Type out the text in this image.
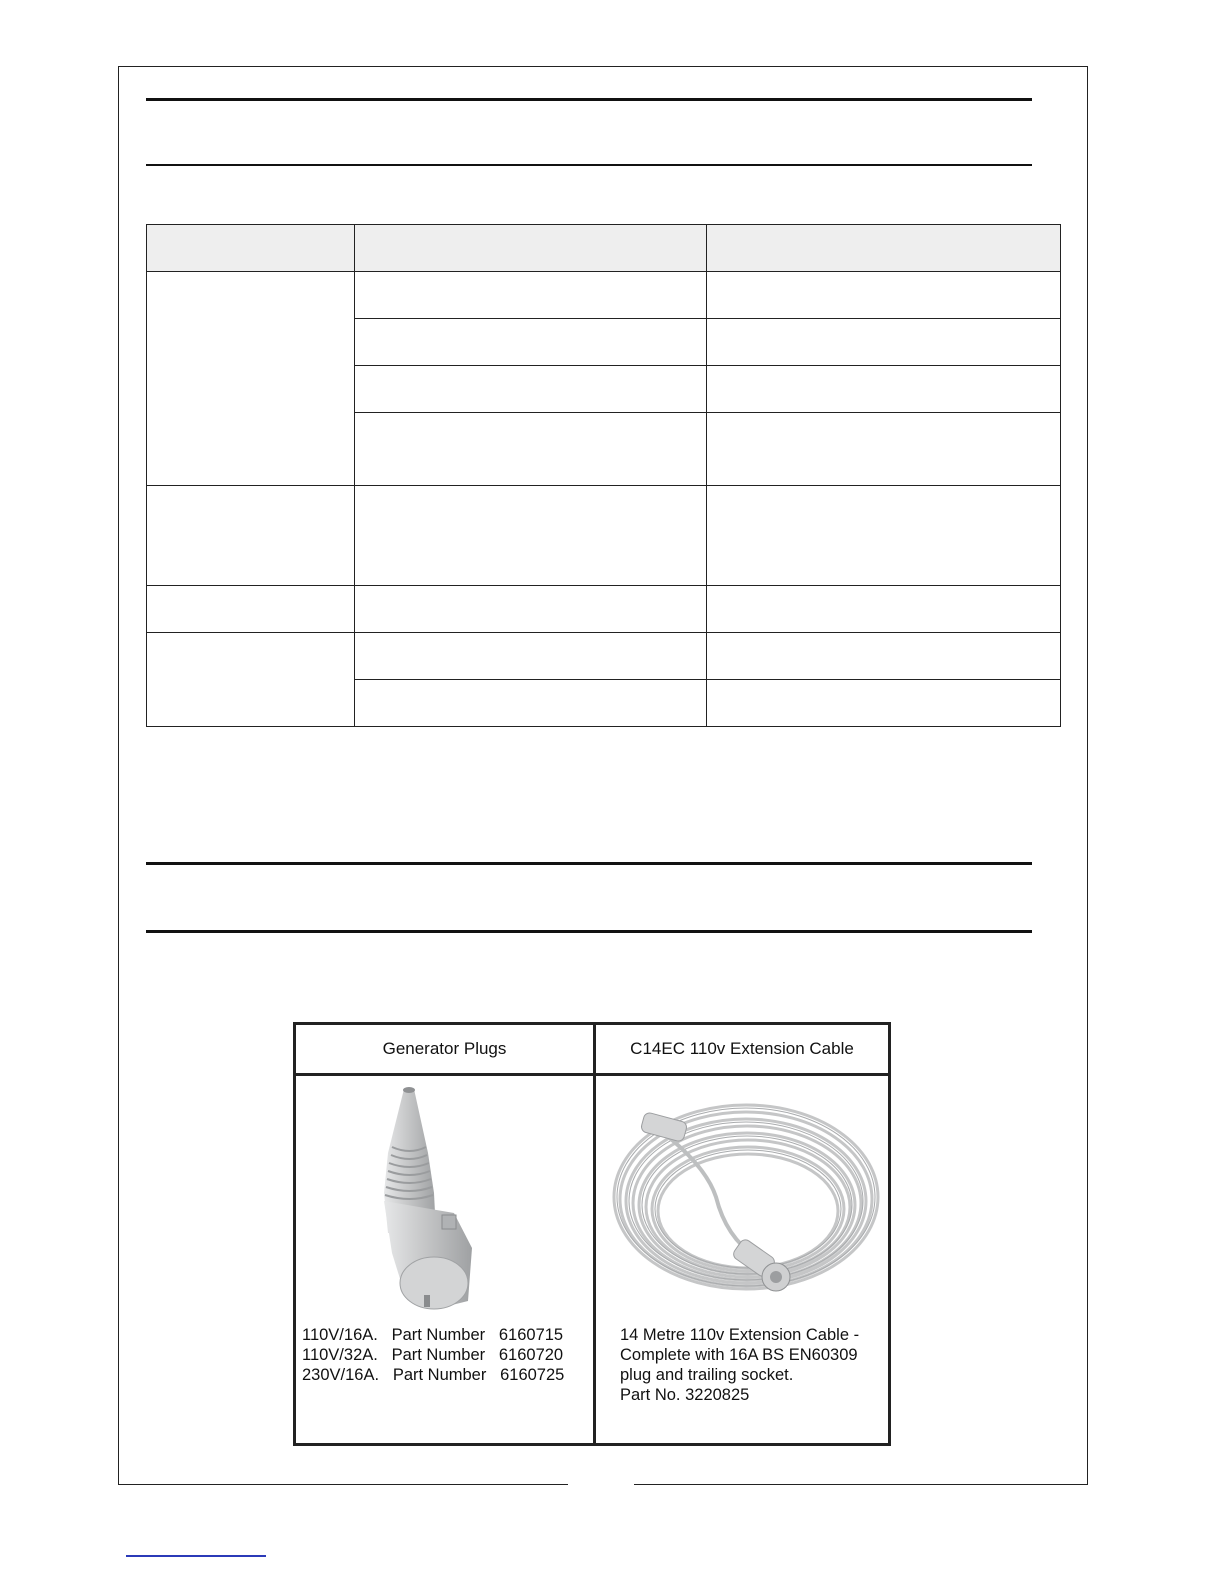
Generator Plugs	C14EC 110v Extension Cable
110V/16A.   Part Number   6160715
110V/32A.   Part Number   6160720
230V/16A.   Part Number   6160725
14 Metre 110v Extension Cable -
Complete with 16A BS EN60309
plug and trailing socket.
Part No. 3220825
